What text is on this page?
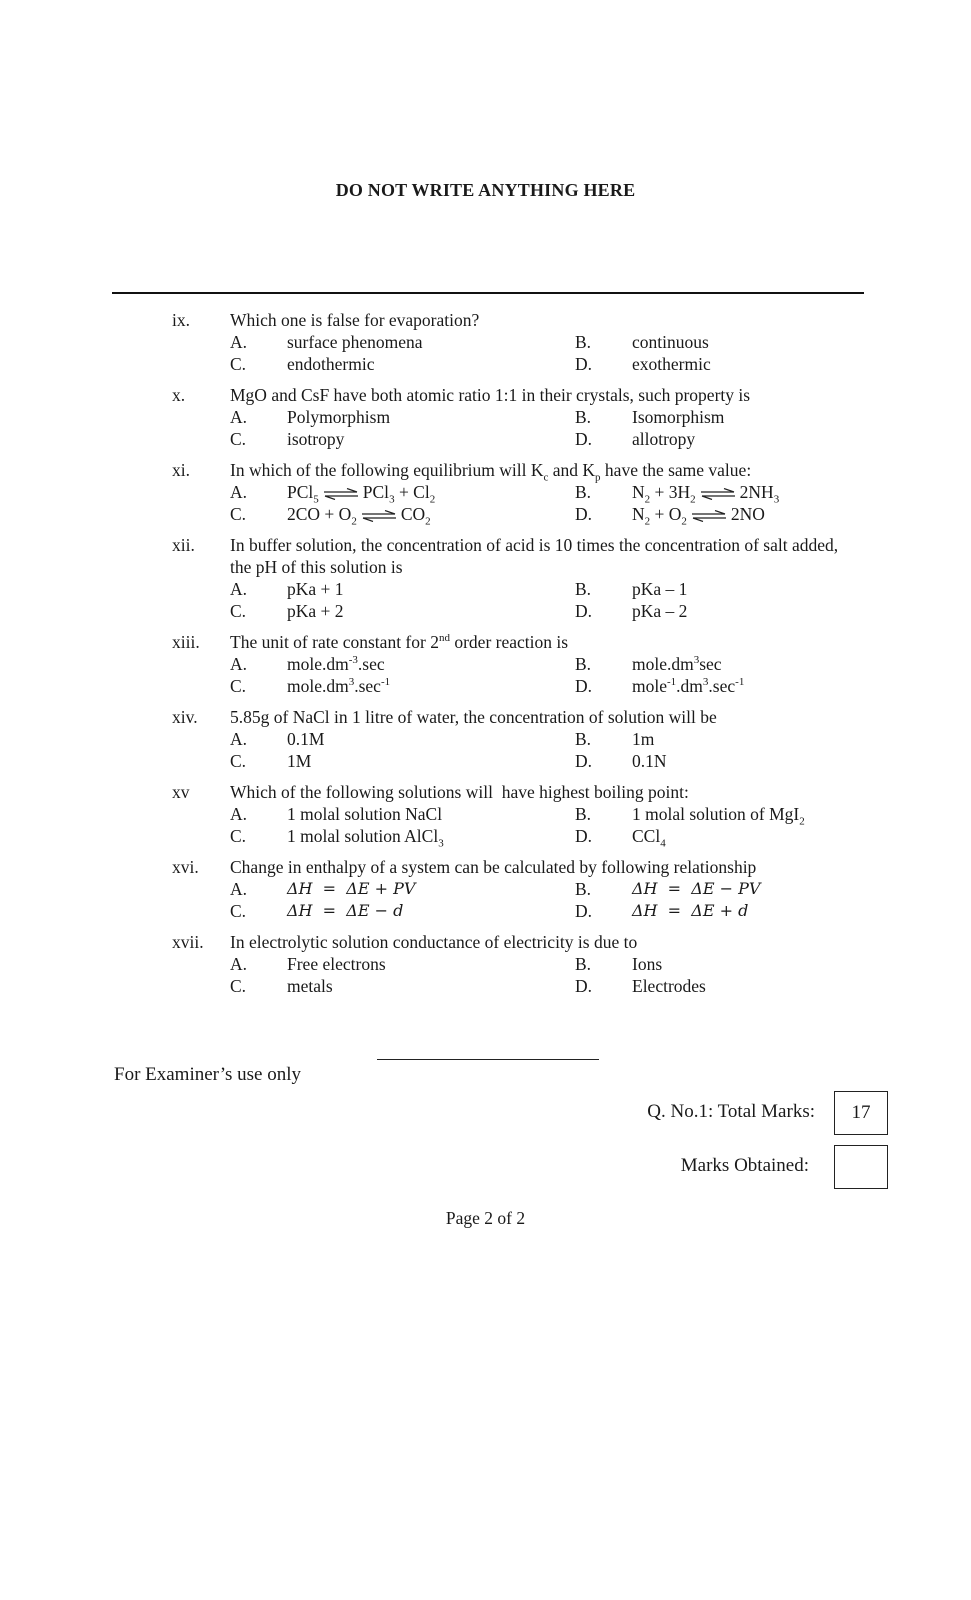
DO NOT WRITE ANYTHING HERE
ix. Which one is false for evaporation?
A. surface phenomena	B. continuous
C. endothermic	D. exothermic
x.	MgO and CsF have both atomic ratio 1:1 in their crystals, such property is
A. Polymorphism	B. Isomorphism
C. isotropy	D. allotropy
xi. In which of the following equilibrium will $K_c$ and $K_p$ have the same value:
A. PCl$_5$ ⇌ $PCl_3 + Cl_2$	B. $N_2 + 3H_2$ ⇌ $2NH_3$
C. $2CO + O_2$ ⇌ $CO_2$	D. $N_2 + O_2$ ⇌ 2NO
xii. In buffer solution, the concentration of acid is 10 times the concentration of salt added, the pH of this solution is
A. pKa + 1	B. pKa – 1
C. pKa + 2	D. pKa – 2
xiii. The unit of rate constant for 2nd order reaction is
A. $mole.dm^{-3}.\sec$	B. $mole.dm^3\sec$
C. $mole.dm^3.\sec^{-1}$	D. $mole^{-1}.dm^3.\sec^{-1}$
xiv. 5.85g of NaCl in 1 litre of water, the concentration of solution will be
A. 0.1M	B. 1m
C. 1M	D. 0.1N
xv Which of the following solutions will  have highest boiling point:
A. 1 molal solution NaCl	B. 1 molal solution of MgI$_2$
C. 1 molal solution AlCl$_3$	D. CCl$_4$
xvi. Change in enthalpy of a system can be calculated by following relationship
A. ΔH  =  ΔE + PV	B.	ΔH  =  ΔE − PV
C.	ΔH  =  ΔE − d	D. ΔH  =  ΔE + d
xvii. In electrolytic solution conductance of electricity is due to
A. Free electrons	B. Ions
C. metals	D. Electrodes
For Examiner’s use only
Q. No.1: Total Marks:	17
Marks Obtained:
Page 2 of 2
